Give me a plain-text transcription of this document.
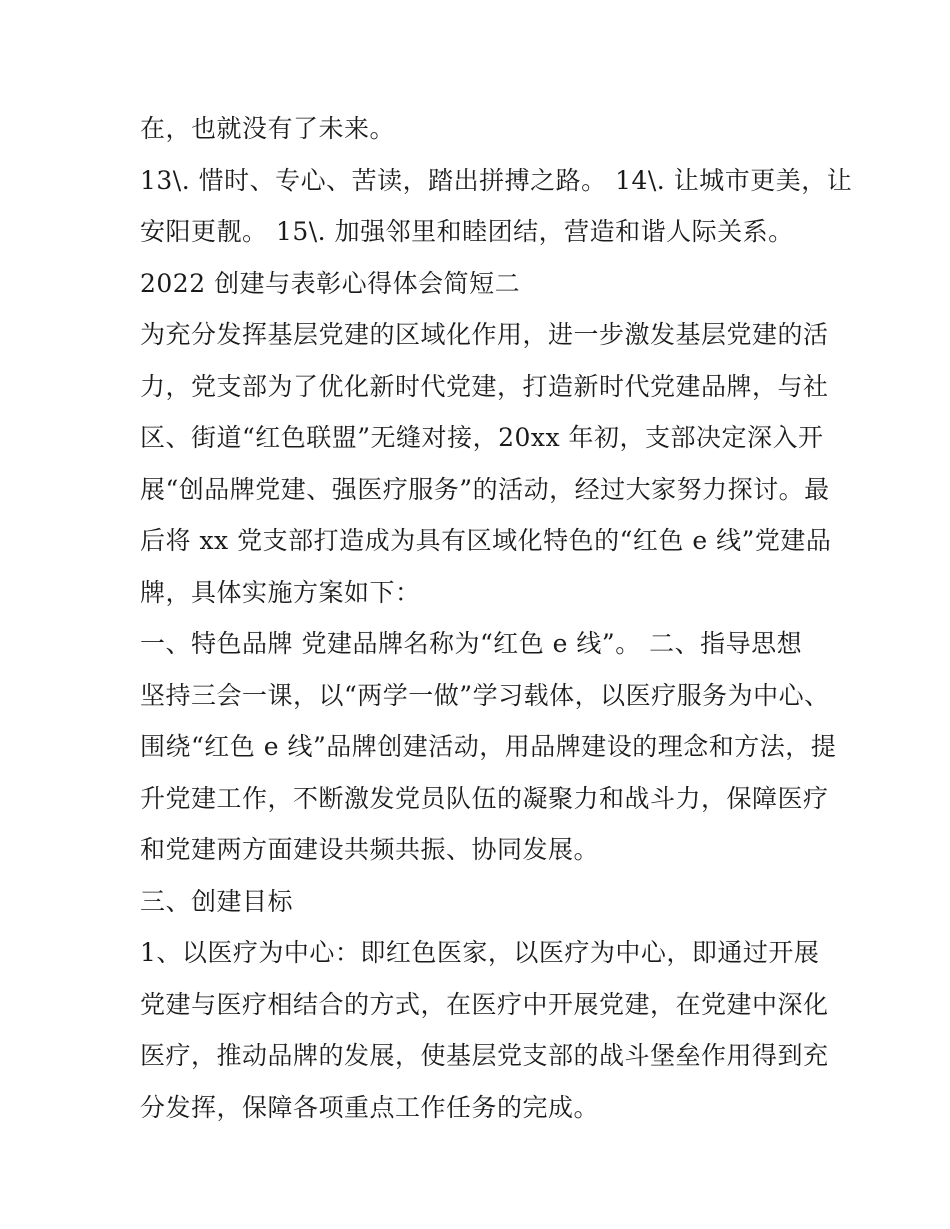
在，也就没有了未来。
13\. 惜时、专心、苦读，踏出拼搏之路。 14\. 让城市更美，让
安阳更靓。 15\. 加强邻里和睦团结，营造和谐人际关系。
2022 创建与表彰心得体会简短二
为充分发挥基层党建的区域化作用，进一步激发基层党建的活
力，党支部为了优化新时代党建，打造新时代党建品牌，与社
区、街道“红色联盟”无缝对接，20xx 年初，支部决定深入开
展“创品牌党建、强医疗服务”的活动，经过大家努力探讨。最
后将 xx 党支部打造成为具有区域化特色的“红色 e 线”党建品
牌，具体实施方案如下：
一、特色品牌 党建品牌名称为“红色 e 线”。 二、指导思想
坚持三会一课，以“两学一做”学习载体，以医疗服务为中心、
围绕“红色 e 线”品牌创建活动，用品牌建设的理念和方法，提
升党建工作，不断激发党员队伍的凝聚力和战斗力，保障医疗
和党建两方面建设共频共振、协同发展。
三、创建目标
1、以医疗为中心：即红色医家，以医疗为中心，即通过开展
党建与医疗相结合的方式，在医疗中开展党建，在党建中深化
医疗，推动品牌的发展，使基层党支部的战斗堡垒作用得到充
分发挥，保障各项重点工作任务的完成。
